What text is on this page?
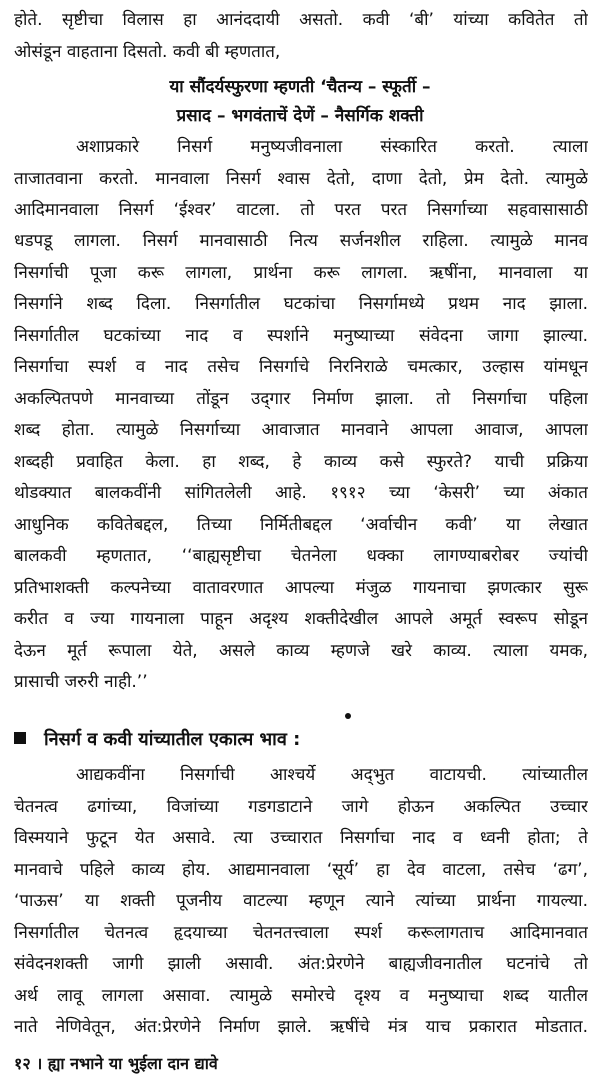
होते. सृष्टीचा विलास हा आनंददायी असतो. कवी ‘बी’ यांच्या कवितेत तो
ओसंडून वाहताना दिसतो. कवी बी म्हणतात,
या सौंदर्यस्फुरणा म्हणती ‘चैतन्य – स्फूर्ती –
प्रसाद – भगवंताचें देणें – नैसर्गिक शक्ती
अशाप्रकारे निसर्ग मनुष्यजीवनाला संस्कारित करतो. त्याला
ताजातवाना करतो. मानवाला निसर्ग श्वास देतो, दाणा देतो, प्रेम देतो. त्यामुळे
आदिमानवाला निसर्ग ‘ईश्वर’ वाटला. तो परत परत निसर्गाच्या सहवासासाठी
धडपडू लागला. निसर्ग मानवासाठी नित्य सर्जनशील राहिला. त्यामुळे मानव
निसर्गाची पूजा करू लागला, प्रार्थना करू लागला. ऋषींना, मानवाला या
निसर्गाने शब्द दिला. निसर्गातील घटकांचा निसर्गामध्ये प्रथम नाद झाला.
निसर्गातील घटकांच्या नाद व स्पर्शाने मनुष्याच्या संवेदना जागा झाल्या.
निसर्गाचा स्पर्श व नाद तसेच निसर्गाचे निरनिराळे चमत्कार, उल्हास यांमधून
अकल्पितपणे मानवाच्या तोंडून उद्‌गार निर्माण झाला. तो निसर्गाचा पहिला
शब्द होता. त्यामुळे निसर्गाच्या आवाजात मानवाने आपला आवाज, आपला
शब्दही प्रवाहित केला. हा शब्द, हे काव्य कसे स्फुरते? याची प्रक्रिया
थोडक्यात बालकवींनी सांगितलेली आहे. १९१२ च्या ‘केसरी’ च्या अंकात
आधुनिक कवितेबद्दल, तिच्या निर्मितीबद्दल ‘अर्वाचीन कवी’ या लेखात
बालकवी म्हणतात, ‘‘बाह्यसृष्टीचा चेतनेला धक्का लागण्याबरोबर ज्यांची
प्रतिभाशक्ती कल्पनेच्या वातावरणात आपल्या मंजुळ गायनाचा झणत्कार सुरू
करीत व ज्या गायनाला पाहून अदृश्य शक्तीदेखील आपले अमूर्त स्वरूप सोडून
देऊन मूर्त रूपाला येते, असले काव्य म्हणजे खरे काव्य. त्याला यमक,
प्रासाची जरुरी नाही.’’
निसर्ग व कवी यांच्यातील एकात्म भाव :
आद्यकवींना निसर्गाची आश्चर्ये अद्‌भुत वाटायची. त्यांच्यातील
चेतनत्व ढगांच्या, विजांच्या गडगडाटाने जागे होऊन अकल्पित उच्चार
विस्मयाने फुटून येत असावे. त्या उच्चारात निसर्गाचा नाद व ध्वनी होता; ते
मानवाचे पहिले काव्य होय. आद्यमानवाला ‘सूर्य’ हा देव वाटला, तसेच ‘ढग’,
‘पाऊस’ या शक्ती पूजनीय वाटल्या म्हणून त्याने त्यांच्या प्रार्थना गायल्या.
निसर्गातील चेतनत्व हृदयाच्या चेतनतत्त्वाला स्पर्श करूलागताच आदिमानवात
संवेदनशक्ती जागी झाली असावी. अंत:प्रेरणेने बाह्यजीवनातील घटनांचे तो
अर्थ लावू लागला असावा. त्यामुळे समोरचे दृश्य व मनुष्याचा शब्द यातील
नाते नेणिवेतून, अंत:प्रेरणेने निर्माण झाले. ऋषींचे मंत्र याच प्रकारात मोडतात.
१२ । ह्या नभाने या भुईला दान द्यावे
